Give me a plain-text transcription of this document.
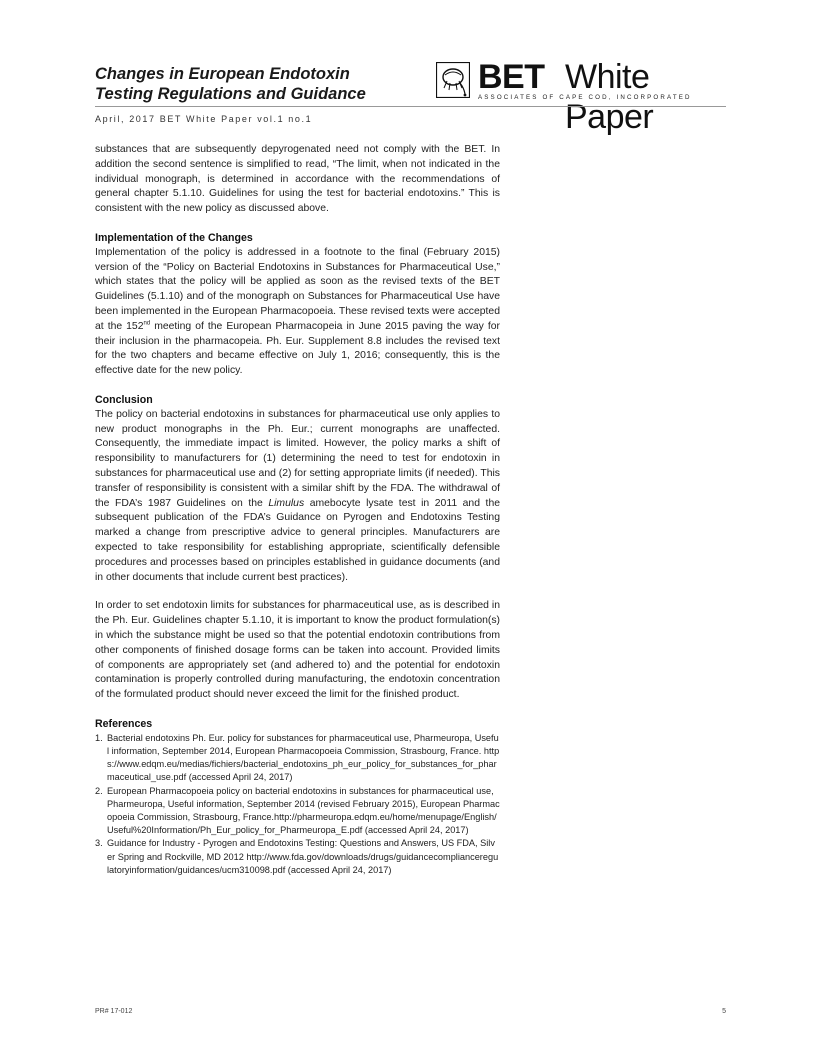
Changes in European Endotoxin
Testing Regulations and Guidance	BET White Paper
ASSOCIATES OF CAPE COD, INCORPORATED
April, 2017 BET White Paper vol.1 no.1

substances that are subsequently depyrogenated need not comply with the BET. In addition the second sentence is simplified to read, “The limit, when not indicated in the individual monograph, is determined in accordance with the recommendations of general chapter 5.1.10. Guidelines for using the test for bacterial endotoxins.” This is consistent with the new policy as discussed above.

Implementation of the Changes

Implementation of the policy is addressed in a footnote to the final (February 2015) version of the “Policy on Bacterial Endotoxins in Substances for Pharmaceutical Use,” which states that the policy will be applied as soon as the revised texts of the BET Guidelines (5.1.10) and of the monograph on Substances for Pharmaceutical Use have been implemented in the European Pharmacopoeia. These revised texts were accepted at the 152nd meeting of the European Pharmacopeia in June 2015 paving the way for their inclusion in the pharmacopeia. Ph. Eur. Supplement 8.8 includes the revised text for the two chapters and became effective on July 1, 2016; consequently, this is the effective date for the new policy.

Conclusion

The policy on bacterial endotoxins in substances for pharmaceutical use only applies to new product monographs in the Ph. Eur.; current monographs are unaffected. Consequently, the immediate impact is limited. However, the policy marks a shift of responsibility to manufacturers for (1) determining the need to test for endotoxin in substances for pharmaceutical use and (2) for setting appropriate limits (if needed). This transfer of responsibility is consistent with a similar shift by the FDA. The withdrawal of the FDA’s 1987 Guidelines on the Limulus amebocyte lysate test in 2011 and the subsequent publication of the FDA’s Guidance on Pyrogen and Endotoxins Testing marked a change from prescriptive advice to general principles. Manufacturers are expected to take responsibility for establishing appropriate, scientifically defensible procedures and processes based on principles established in guidance documents (and in other documents that include current best practices).

In order to set endotoxin limits for substances for pharmaceutical use, as is described in the Ph. Eur. Guidelines chapter 5.1.10, it is important to know the product formulation(s) in which the substance might be used so that the potential endotoxin contributions from other components of finished dosage forms can be taken into account. Provided limits of components are appropriately set (and adhered to) and the potential for endotoxin contamination is properly controlled during manufacturing, the endotoxin concentration of the formulated product should never exceed the limit for the finished product.

References
1. Bacterial endotoxins Ph. Eur. policy for substances for pharmaceutical use, Pharmeuropa, Useful information, September 2014, European Pharmacopoeia Commission, Strasbourg, France. https://www.edqm.eu/medias/fichiers/bacterial_endotoxins_ph_eur_policy_for_substances_for_pharmaceutical_use.pdf (accessed April 24, 2017)
2. European Pharmacopoeia policy on bacterial endotoxins in substances for pharmaceutical use, Pharmeuropa, Useful information, September 2014 (revised February 2015), European Pharmacopoeia Commission, Strasbourg, France.http://pharmeuropa.edqm.eu/home/menupage/English/Useful%20Information/Ph_Eur_policy_for_Pharmeuropa_E.pdf (accessed April 24, 2017)
3. Guidance for Industry - Pyrogen and Endotoxins Testing: Questions and Answers, US FDA, Silver Spring and Rockville, MD 2012 http://www.fda.gov/downloads/drugs/guidancecomplianceregulatoryinformation/guidances/ucm310098.pdf (accessed April 24, 2017)
PR# 17-012	5
